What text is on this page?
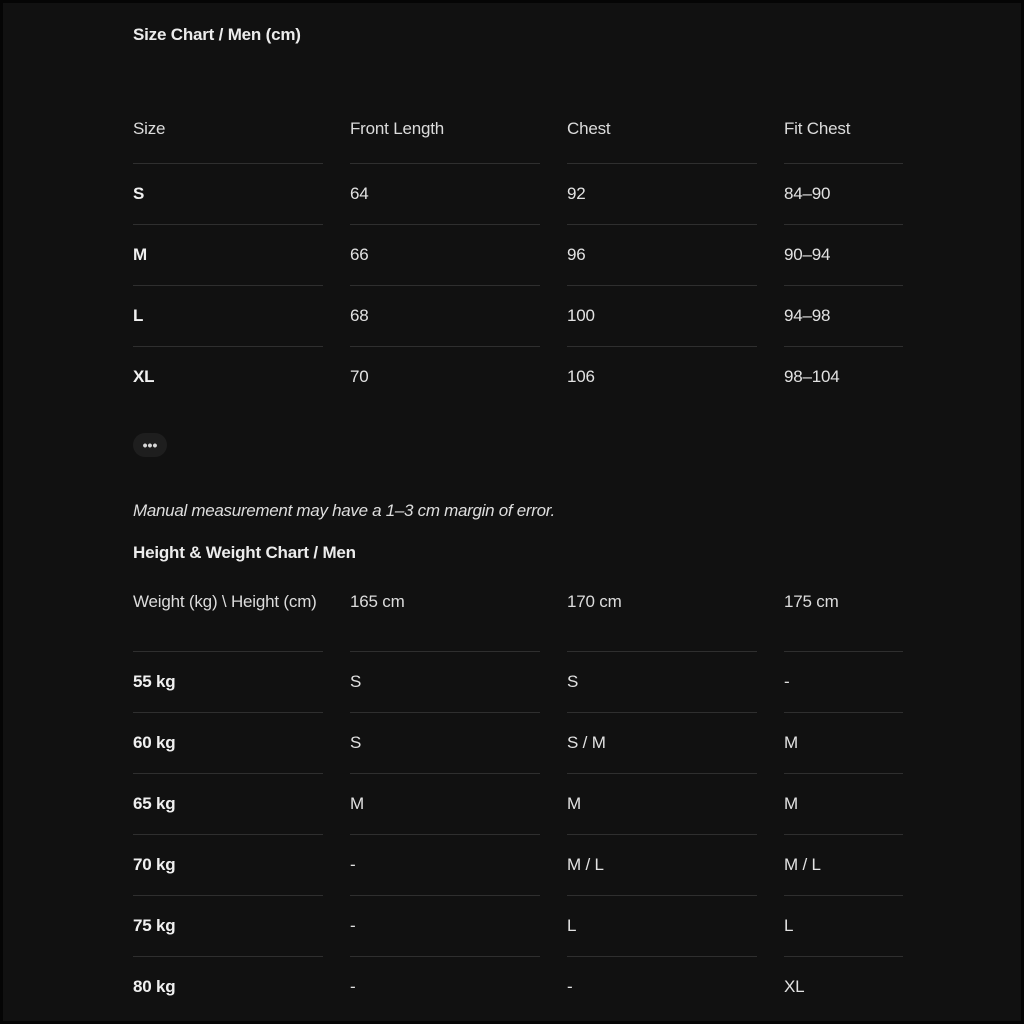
Size Chart / Men (cm)
Size	Front Length	Chest	Fit Chest
S	64	92	84–90
M	66	96	90–94
L	68	100	94–98
XL	70	106	98–104
•••
Manual measurement may have a 1–3 cm margin of error.
Height & Weight Chart / Men
Weight (kg) \ Height (cm)	165 cm	170 cm	175 cm
55 kg	S	S	-
60 kg	S	S / M	M
65 kg	M	M	M
70 kg	-	M / L	M / L
75 kg	-	L	L
80 kg	-	-	XL
